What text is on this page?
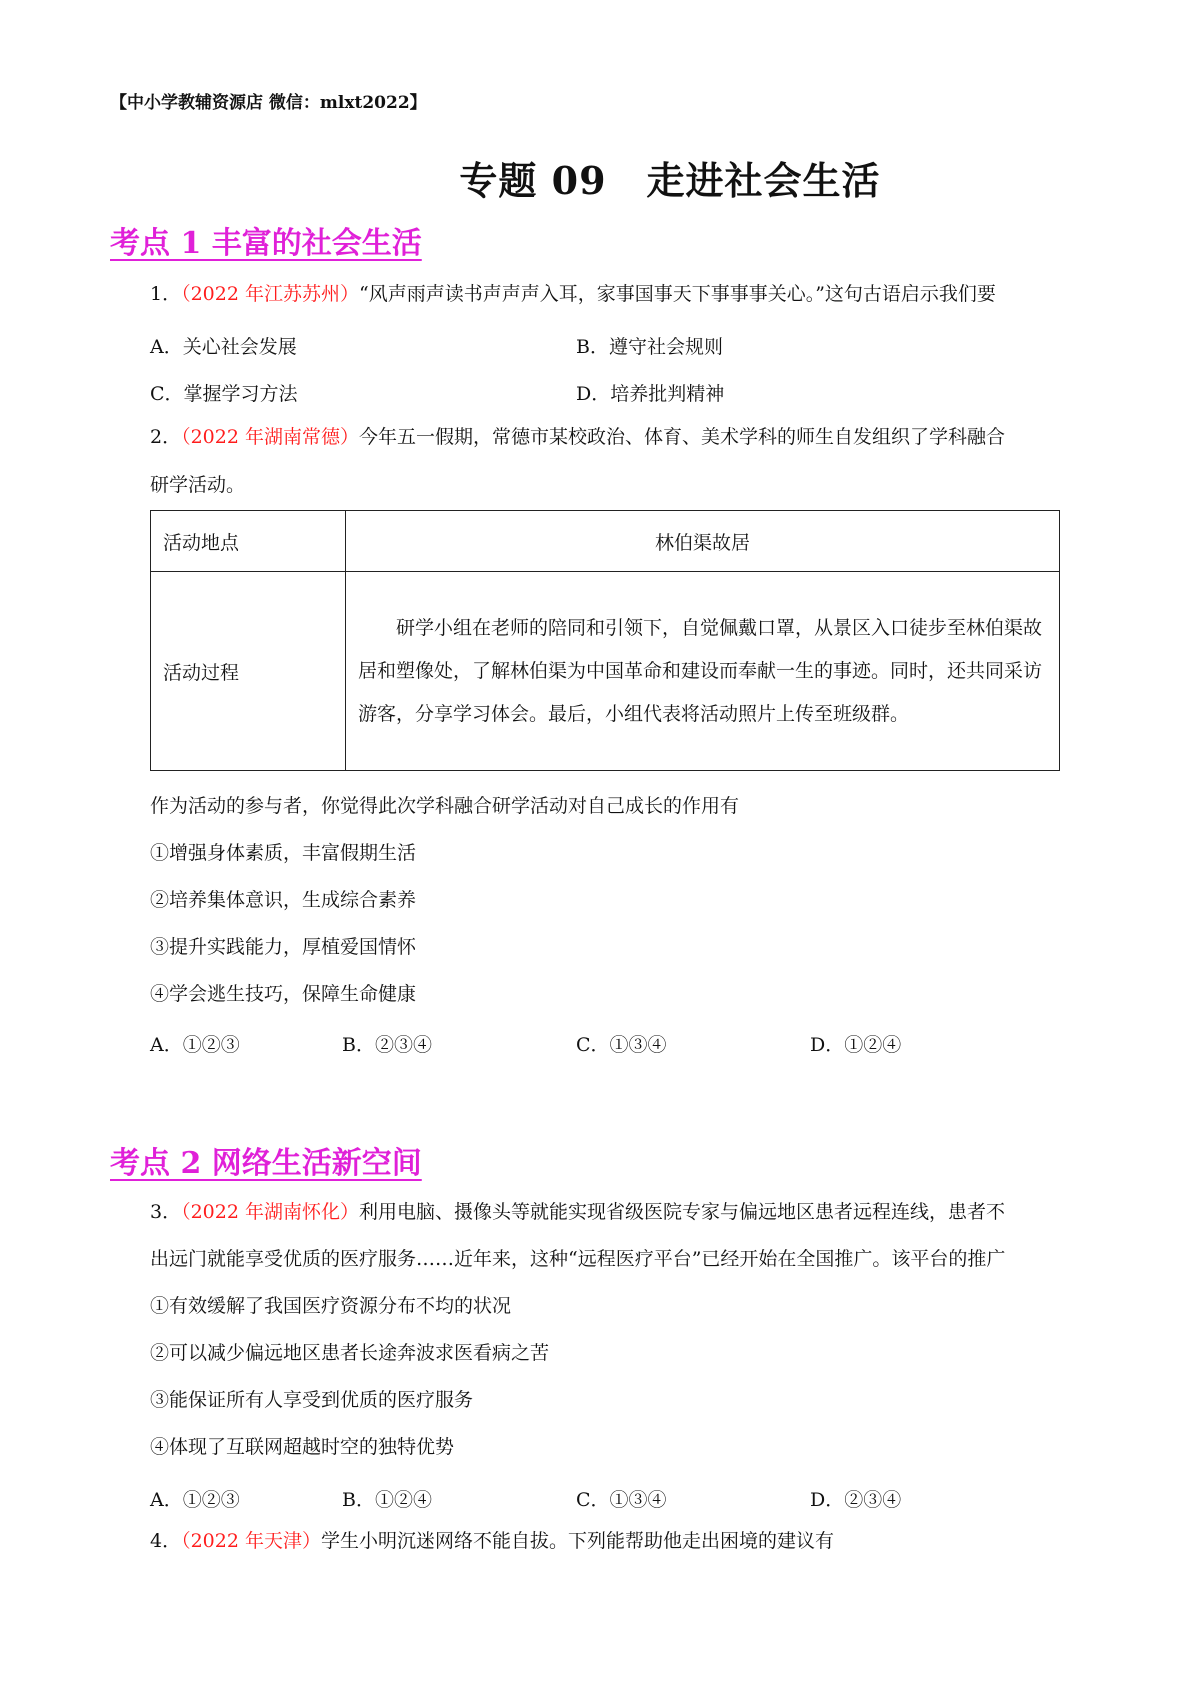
【中小学教辅资源店 微信：mlxt2022】
专题 09 走进社会生活
考点 1 丰富的社会生活
1．（2022 年江苏苏州）“风声雨声读书声声声入耳，家事国事天下事事事关心。”这句古语启示我们要
A．关心社会发展	B．遵守社会规则
C．掌握学习方法	D．培养批判精神
2．（2022 年湖南常德）今年五一假期，常德市某校政治、体育、美术学科的师生自发组织了学科融合
研学活动。
活动地点	林伯渠故居
活动过程	研学小组在老师的陪同和引领下，自觉佩戴口罩，从景区入口徒步至林伯渠故居和塑像处，了解林伯渠为中国革命和建设而奉献一生的事迹。同时，还共同采访游客，分享学习体会。最后，小组代表将活动照片上传至班级群。
作为活动的参与者，你觉得此次学科融合研学活动对自己成长的作用有
①增强身体素质，丰富假期生活
②培养集体意识，生成综合素养
③提升实践能力，厚植爱国情怀
④学会逃生技巧，保障生命健康
A．①②③	B．②③④	C．①③④	D．①②④
考点 2 网络生活新空间
3．（2022 年湖南怀化）利用电脑、摄像头等就能实现省级医院专家与偏远地区患者远程连线，患者不
出远门就能享受优质的医疗服务……近年来，这种“远程医疗平台”已经开始在全国推广。该平台的推广
①有效缓解了我国医疗资源分布不均的状况
②可以减少偏远地区患者长途奔波求医看病之苦
③能保证所有人享受到优质的医疗服务
④体现了互联网超越时空的独特优势
A．①②③	B．①②④	C．①③④	D．②③④
4．（2022 年天津）学生小明沉迷网络不能自拔。下列能帮助他走出困境的建议有
